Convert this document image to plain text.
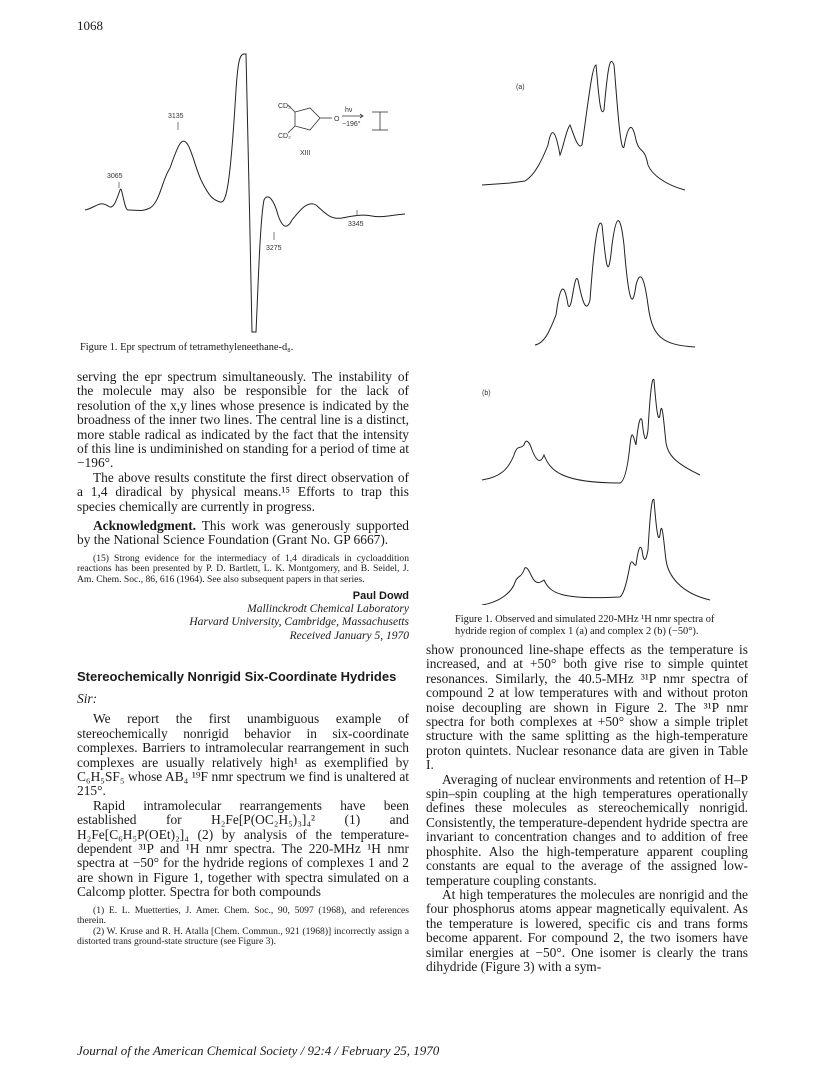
1068
3135
3065
3275
3345
CD₂
CD₂
O
hν
−196°
XIII
Figure 1. Epr spectrum of tetramethyleneethane-d₈.
(a)
(b)
Figure 1. Observed and simulated 220-MHz ¹H nmr spectra of hydride region of complex 1 (a) and complex 2 (b) (−50°).

serving the epr spectrum simultaneously. The instability of the molecule may also be responsible for the lack of resolution of the x,y lines whose presence is indicated by the broadness of the inner two lines. The central line is a distinct, more stable radical as indicated by the fact that the intensity of this line is undiminished on standing for a period of time at −196°.

The above results constitute the first direct observation of a 1,4 diradical by physical means.¹⁵ Efforts to trap this species chemically are currently in progress.

Acknowledgment. This work was generously supported by the National Science Foundation (Grant No. GP 6667).

(15) Strong evidence for the intermediacy of 1,4 diradicals in cycloaddition reactions has been presented by P. D. Bartlett, L. K. Montgomery, and B. Seidel, J. Am. Chem. Soc., 86, 616 (1964). See also subsequent papers in that series.

Paul Dowd
Mallinckrodt Chemical Laboratory
Harvard University, Cambridge, Massachusetts
Received January 5, 1970
Stereochemically Nonrigid Six-Coordinate Hydrides
Sir:

We report the first unambiguous example of stereochemically nonrigid behavior in six-coordinate complexes. Barriers to intramolecular rearrangement in such complexes are usually relatively high¹ as exemplified by C₆H₅SF₅ whose AB₄ ¹⁹F nmr spectrum we find is unaltered at 215°.

Rapid intramolecular rearrangements have been established for H₂Fe[P(OC₂H₅)₃]₄² (1) and H₂Fe[C₆H₅P(OEt)₂]₄ (2) by analysis of the temperature-dependent ³¹P and ¹H nmr spectra. The 220-MHz ¹H nmr spectra at −50° for the hydride regions of complexes 1 and 2 are shown in Figure 1, together with spectra simulated on a Calcomp plotter. Spectra for both compounds

(1) E. L. Muetterties, J. Amer. Chem. Soc., 90, 5097 (1968), and references therein.

(2) W. Kruse and R. H. Atalla [Chem. Commun., 921 (1968)] incorrectly assign a distorted trans ground-state structure (see Figure 3).

show pronounced line-shape effects as the temperature is increased, and at +50° both give rise to simple quintet resonances. Similarly, the 40.5-MHz ³¹P nmr spectra of compound 2 at low temperatures with and without proton noise decoupling are shown in Figure 2. The ³¹P nmr spectra for both complexes at +50° show a simple triplet structure with the same splitting as the high-temperature proton quintets. Nuclear resonance data are given in Table I.

Averaging of nuclear environments and retention of H–P spin–spin coupling at the high temperatures operationally defines these molecules as stereochemically nonrigid. Consistently, the temperature-dependent hydride spectra are invariant to concentration changes and to addition of free phosphite. Also the high-temperature apparent coupling constants are equal to the average of the assigned low-temperature coupling constants.

At high temperatures the molecules are nonrigid and the four phosphorus atoms appear magnetically equivalent. As the temperature is lowered, specific cis and trans forms become apparent. For compound 2, the two isomers have similar energies at −50°. One isomer is clearly the trans dihydride (Figure 3) with a sym-

Journal of the American Chemical Society / 92:4 / February 25, 1970
